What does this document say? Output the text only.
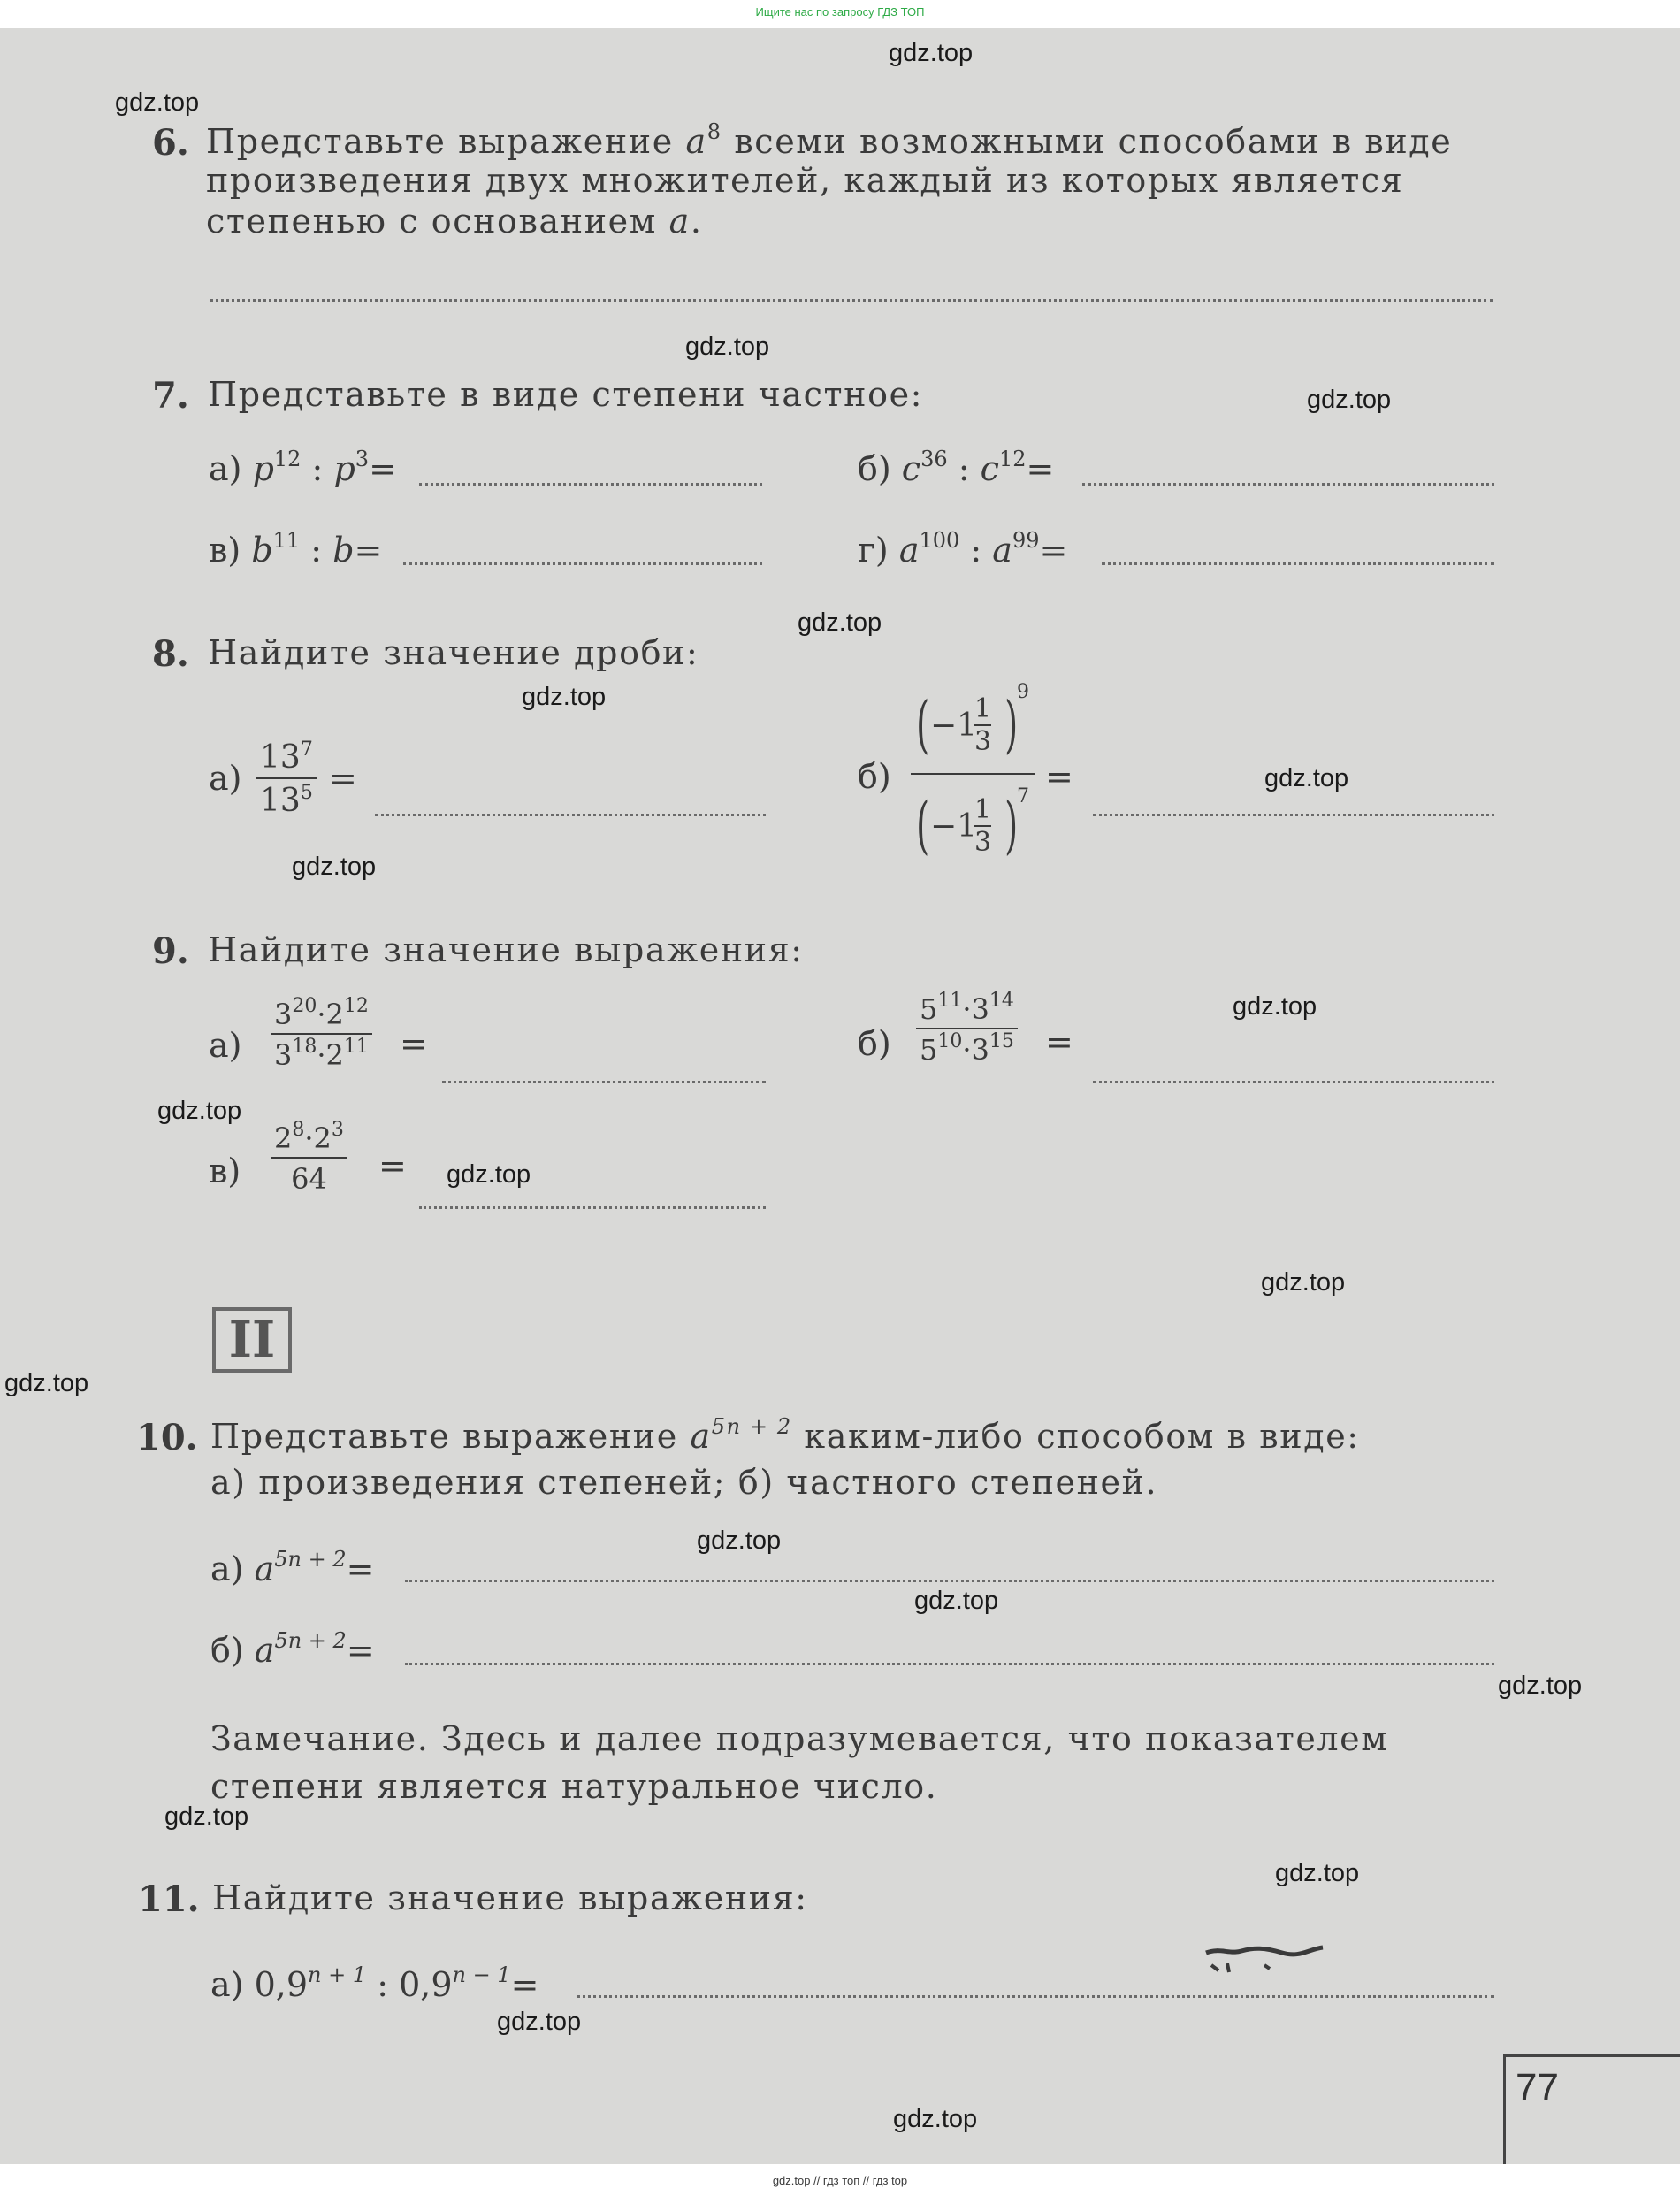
Ищите нас по запросу ГДЗ ТОП
gdz.top
gdz.top
gdz.top
gdz.top
gdz.top
gdz.top
gdz.top
gdz.top
gdz.top
gdz.top
gdz.top
gdz.top
gdz.top
gdz.top
gdz.top
gdz.top
gdz.top
gdz.top
gdz.top
gdz.top
6. Представьте выражение $a^8$ всеми возможными способами в виде
произведения двух множителей, каждый из которых является
степенью с основанием a.
7. Представьте в виде степени частное:
а) $p^{12}$ : $p^3=$	б) $c^{36}$ : $c^{12}=$
в) $b^{11}$ : b=	г) $a^{100}$ : $a^{99}=$
8. Найдите значение дроби:
а)
$13^7$
$13^5$ =	б)
( −1
1
3 )
9
( −1
1
3 )
7
=
9. Найдите значение выражения:
а)
$3^{20}\cdot 2^{12}$
$3^{18}\cdot 2^{11}$ =	б)
$5^{11}\cdot 3^{14}$
$5^{10}\cdot 3^{15}$ =
в)
$2^8\cdot 2^3$
64	=
II
10. Представьте выражение $a^{5n + 2}$ каким-либо способом в виде:
а) произведения степеней; б) частного степеней.
а) $a^{5n + 2}=$
б) $a^{5n + 2}=$
Замечание. Здесь и далее подразумевается, что показателем
степени является натуральное число.
11. Найдите значение выражения:
а) $0,9^{n + 1}$ : $0,9^{n - 1}=$
77
gdz.top // гдз топ // гдз top
